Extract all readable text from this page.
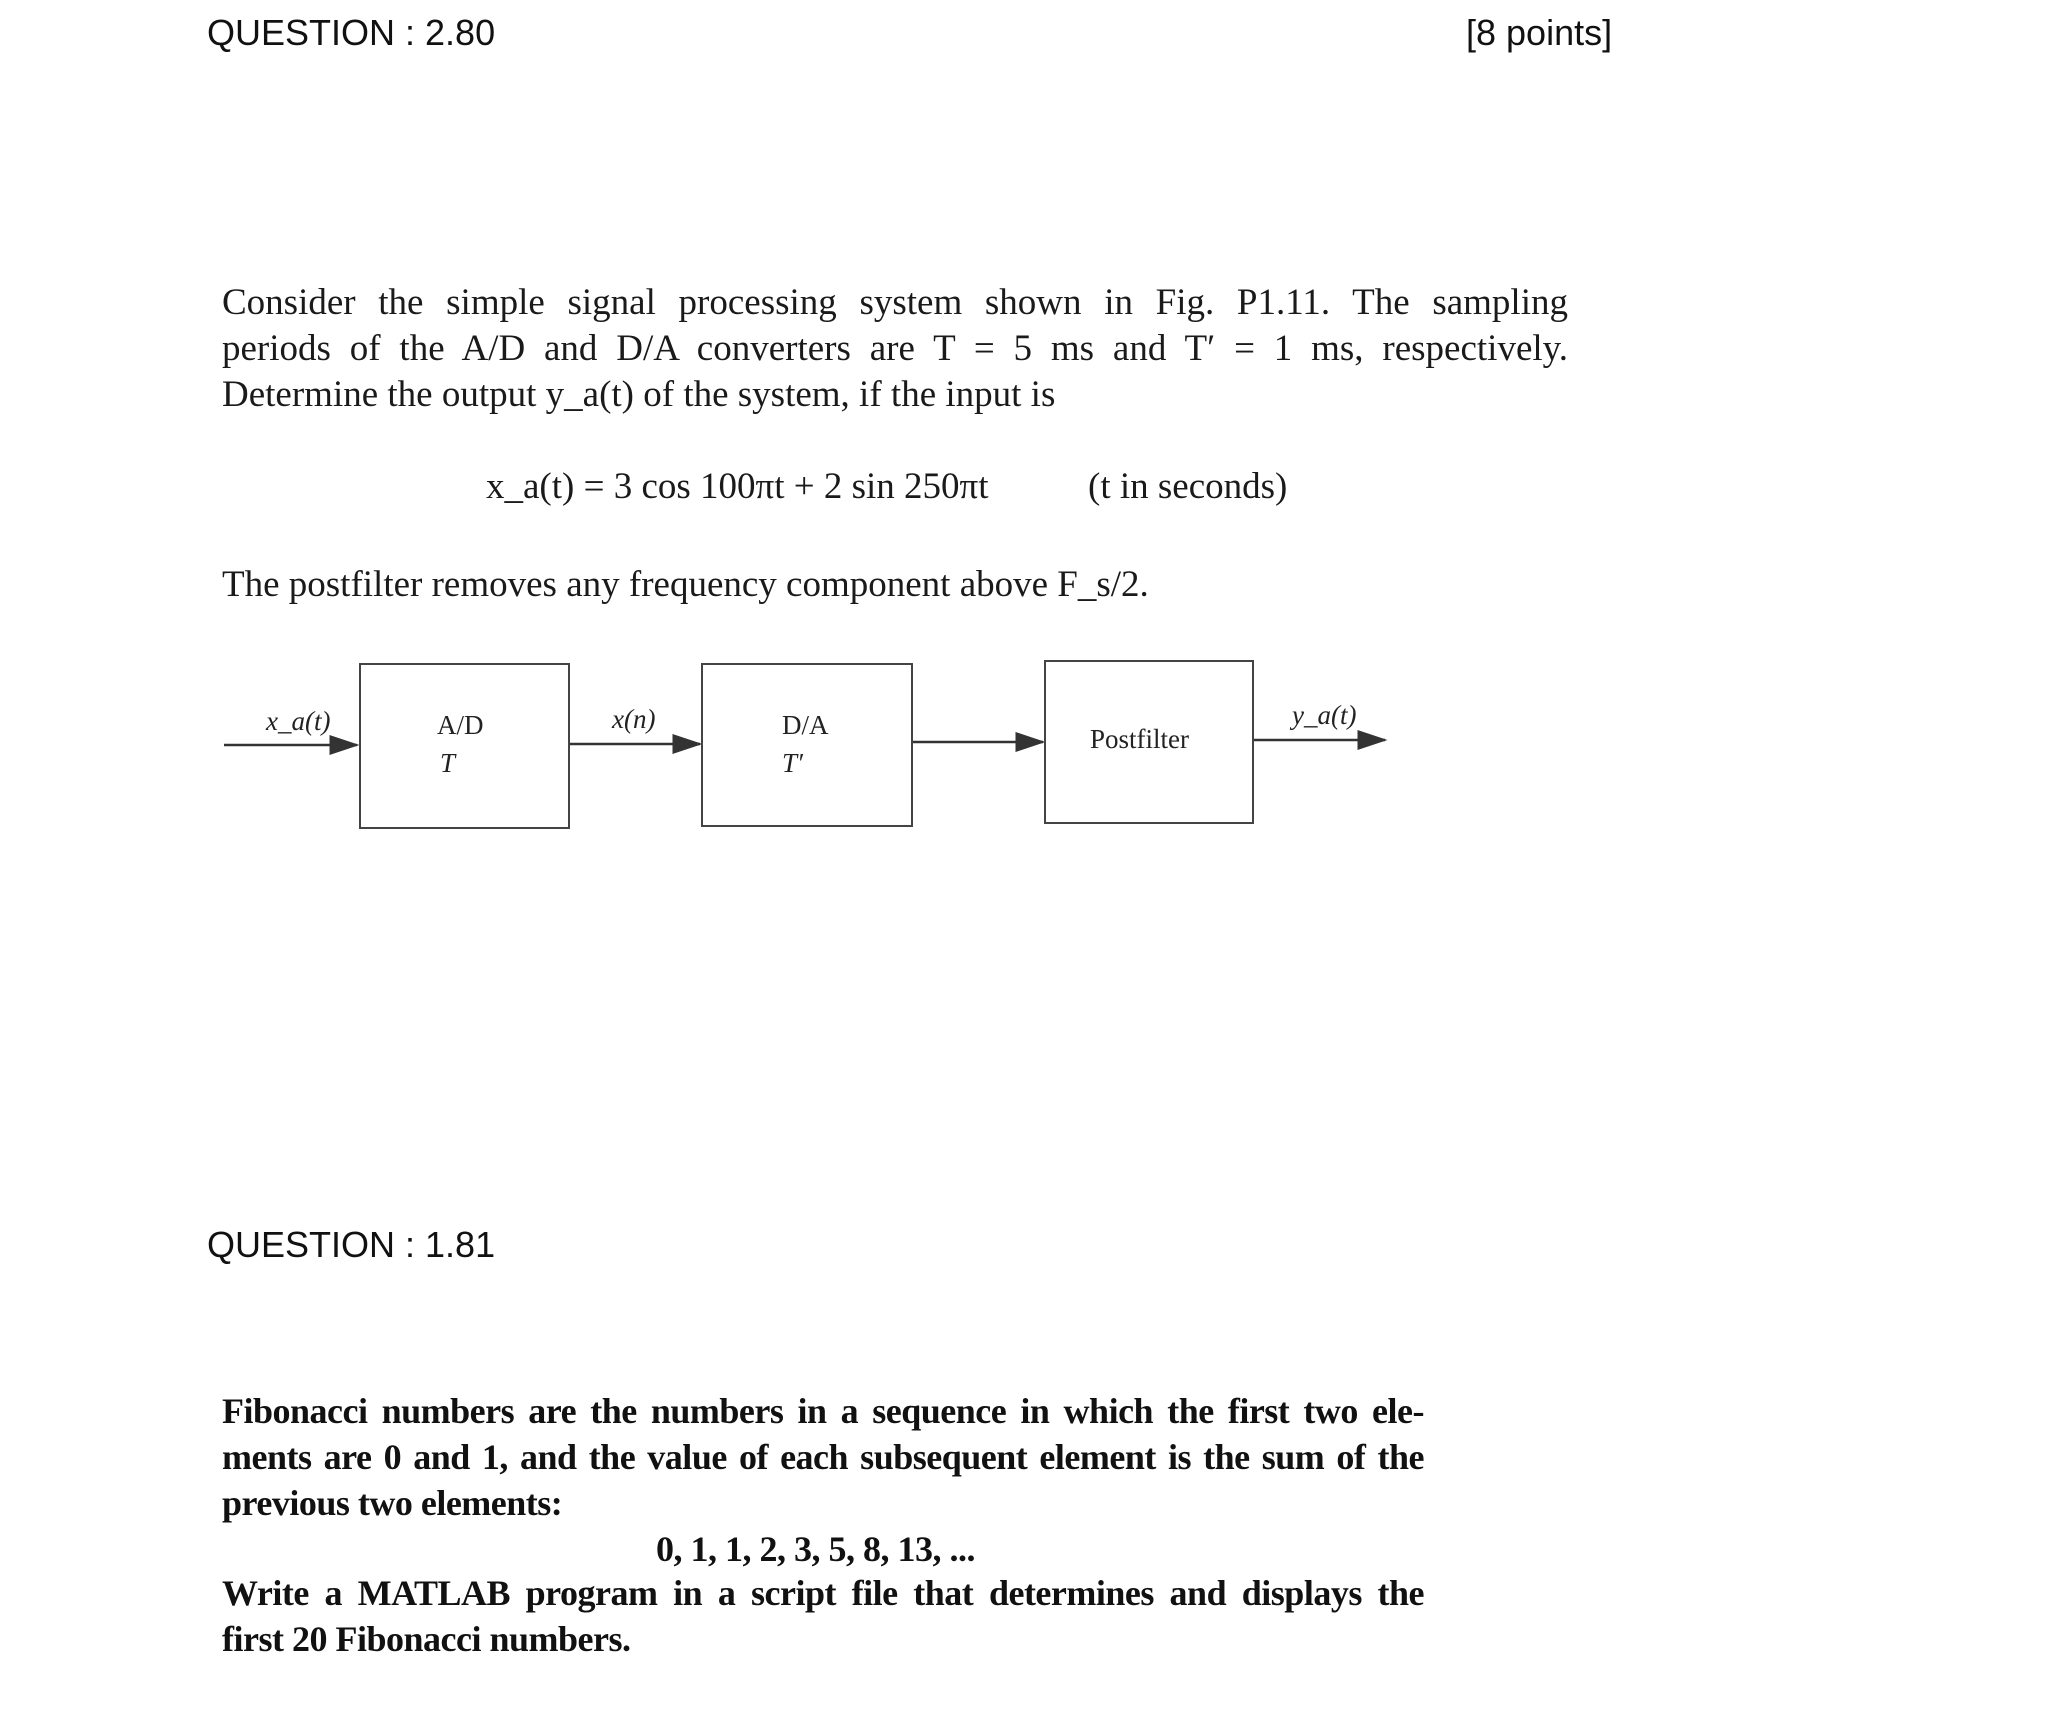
QUESTION : 2.80	[8 points]
Consider the simple signal processing system shown in Fig. P1.11. The sampling
periods of the A/D and D/A converters are T = 5 ms and T′ = 1 ms, respectively.
Determine the output y_a(t) of the system, if the input is
x_a(t) = 3 cos 100πt + 2 sin 250πt	(t in seconds)
The postfilter removes any frequency component above F_s/2.
x_a(t)	A/D
T
x(n)	D/A
T′
Postfilter
y_a(t)
QUESTION : 1.81
Fibonacci numbers are the numbers in a sequence in which the first two ele-
ments are 0 and 1, and the value of each subsequent element is the sum of the
previous two elements:
0, 1, 1, 2, 3, 5, 8, 13, ...
Write a MATLAB program in a script file that determines and displays the
first 20 Fibonacci numbers.
